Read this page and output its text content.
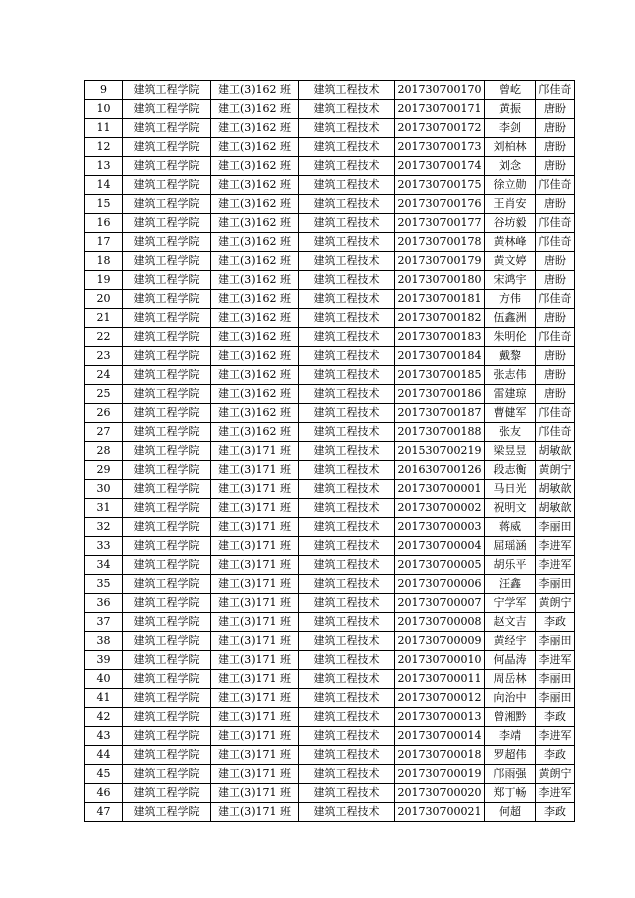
9	建筑工程学院	建工(3)162 班	建筑工程技术	201730700170	曾屹	邝佳奇
10	建筑工程学院	建工(3)162 班	建筑工程技术	201730700171	黄振	唐盼
11	建筑工程学院	建工(3)162 班	建筑工程技术	201730700172	李剑	唐盼
12	建筑工程学院	建工(3)162 班	建筑工程技术	201730700173	刘柏林	唐盼
13	建筑工程学院	建工(3)162 班	建筑工程技术	201730700174	刘念	唐盼
14	建筑工程学院	建工(3)162 班	建筑工程技术	201730700175	徐立勋	邝佳奇
15	建筑工程学院	建工(3)162 班	建筑工程技术	201730700176	王肖安	唐盼
16	建筑工程学院	建工(3)162 班	建筑工程技术	201730700177	谷坊毅	邝佳奇
17	建筑工程学院	建工(3)162 班	建筑工程技术	201730700178	黄林峰	邝佳奇
18	建筑工程学院	建工(3)162 班	建筑工程技术	201730700179	黄文婷	唐盼
19	建筑工程学院	建工(3)162 班	建筑工程技术	201730700180	宋鸿宇	唐盼
20	建筑工程学院	建工(3)162 班	建筑工程技术	201730700181	方伟	邝佳奇
21	建筑工程学院	建工(3)162 班	建筑工程技术	201730700182	伍鑫洲	唐盼
22	建筑工程学院	建工(3)162 班	建筑工程技术	201730700183	朱明伦	邝佳奇
23	建筑工程学院	建工(3)162 班	建筑工程技术	201730700184	戴黎	唐盼
24	建筑工程学院	建工(3)162 班	建筑工程技术	201730700185	张志伟	唐盼
25	建筑工程学院	建工(3)162 班	建筑工程技术	201730700186	雷建琼	唐盼
26	建筑工程学院	建工(3)162 班	建筑工程技术	201730700187	曹健军	邝佳奇
27	建筑工程学院	建工(3)162 班	建筑工程技术	201730700188	张友	邝佳奇
28	建筑工程学院	建工(3)171 班	建筑工程技术	201530700219	梁昱昱	胡敏歆
29	建筑工程学院	建工(3)171 班	建筑工程技术	201630700126	段志衡	黄朗宁
30	建筑工程学院	建工(3)171 班	建筑工程技术	201730700001	马日光	胡敏歆
31	建筑工程学院	建工(3)171 班	建筑工程技术	201730700002	祝明文	胡敏歆
32	建筑工程学院	建工(3)171 班	建筑工程技术	201730700003	蒋威	李丽田
33	建筑工程学院	建工(3)171 班	建筑工程技术	201730700004	屈瑶涵	李进军
34	建筑工程学院	建工(3)171 班	建筑工程技术	201730700005	胡乐平	李进军
35	建筑工程学院	建工(3)171 班	建筑工程技术	201730700006	汪鑫	李丽田
36	建筑工程学院	建工(3)171 班	建筑工程技术	201730700007	宁学军	黄朗宁
37	建筑工程学院	建工(3)171 班	建筑工程技术	201730700008	赵文吉	李政
38	建筑工程学院	建工(3)171 班	建筑工程技术	201730700009	黄经宇	李丽田
39	建筑工程学院	建工(3)171 班	建筑工程技术	201730700010	何晶涛	李进军
40	建筑工程学院	建工(3)171 班	建筑工程技术	201730700011	周岳林	李丽田
41	建筑工程学院	建工(3)171 班	建筑工程技术	201730700012	向治中	李丽田
42	建筑工程学院	建工(3)171 班	建筑工程技术	201730700013	曾湘黔	李政
43	建筑工程学院	建工(3)171 班	建筑工程技术	201730700014	李靖	李进军
44	建筑工程学院	建工(3)171 班	建筑工程技术	201730700018	罗超伟	李政
45	建筑工程学院	建工(3)171 班	建筑工程技术	201730700019	邝雨强	黄朗宁
46	建筑工程学院	建工(3)171 班	建筑工程技术	201730700020	郑丁畅	李进军
47	建筑工程学院	建工(3)171 班	建筑工程技术	201730700021	何超	李政
